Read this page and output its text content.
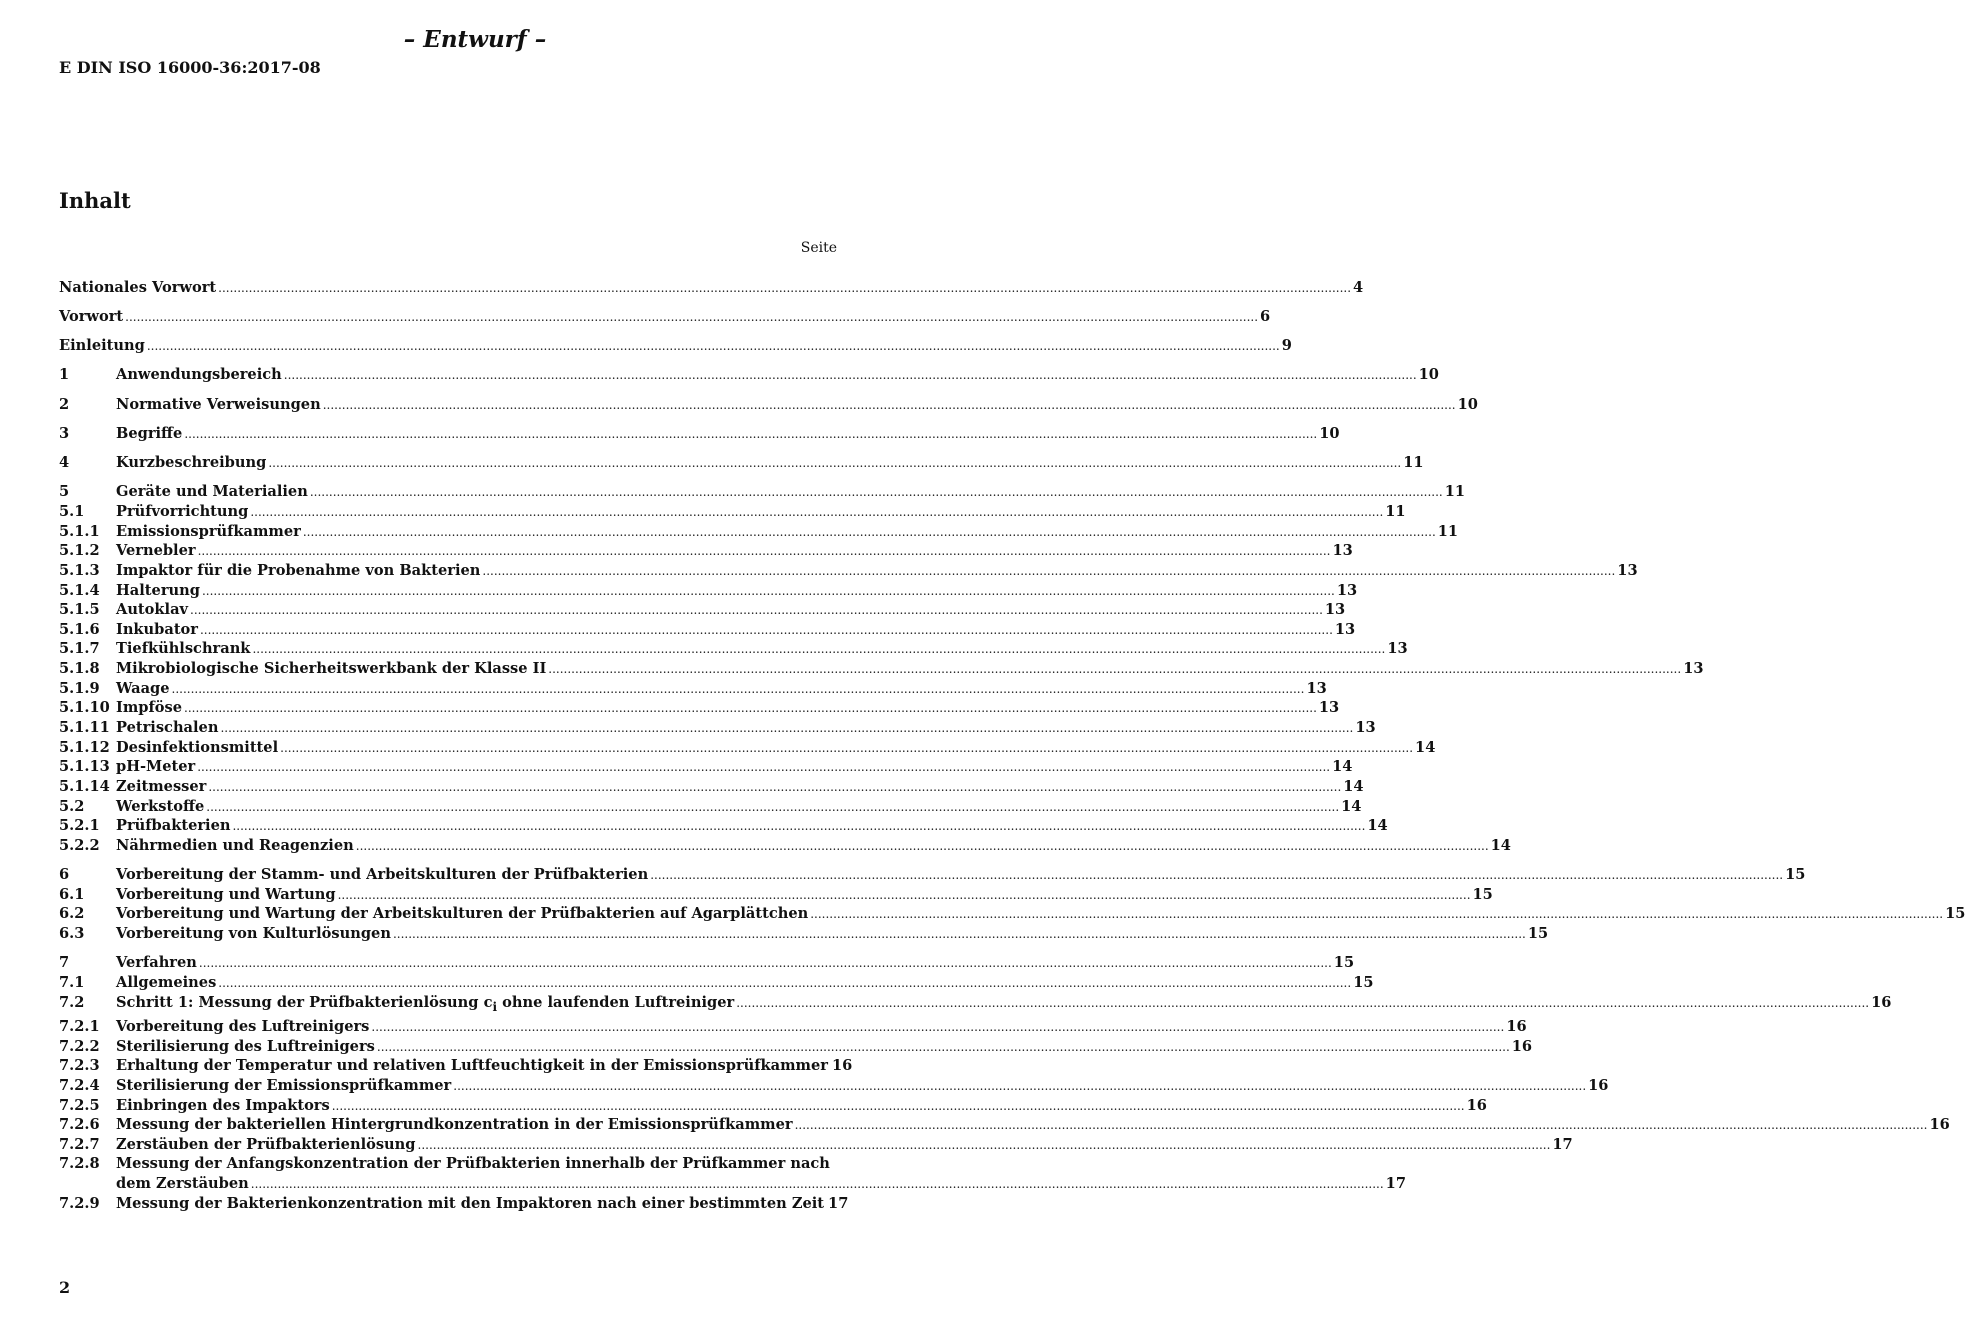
– Entwurf –
E DIN ISO 16000-36:2017-08
Inhalt
Seite
Nationales Vorwort .....	4
Vorwort .....	6
Einleitung .....	9
1	Anwendungsbereich .....	10
2	Normative Verweisungen .....	10
3	Begriffe .....	10
4	Kurzbeschreibung .....	11
5	Geräte und Materialien .....	11
5.1	Prüfvorrichtung .....	11
5.1.1	Emissionsprüfkammer .....	11
5.1.2	Vernebler .....	13
5.1.3	Impaktor für die Probenahme von Bakterien .....	13
5.1.4	Halterung .....	13
5.1.5	Autoklav .....	13
5.1.6	Inkubator .....	13
5.1.7	Tiefkühlschrank .....	13
5.1.8	Mikrobiologische Sicherheitswerkbank der Klasse II .....	13
5.1.9	Waage .....	13
5.1.10 Impföse .....	13
5.1.11 Petrischalen .....	13
5.1.12 Desinfektionsmittel .....	14
5.1.13 pH-Meter .....	14
5.1.14 Zeitmesser .....	14
5.2	Werkstoffe .....	14
5.2.1	Prüfbakterien .....	14
5.2.2	Nährmedien und Reagenzien .....	14
6	Vorbereitung der Stamm- und Arbeitskulturen der Prüfbakterien .....	15
6.1	Vorbereitung und Wartung .....	15
6.2	Vorbereitung und Wartung der Arbeitskulturen der Prüfbakterien auf Agarplättchen .....	15
6.3	Vorbereitung von Kulturlösungen .....	15
7	Verfahren .....	15
7.1	Allgemeines .....	15
7.2	Schritt 1: Messung der Prüfbakterienlösung $c_i$ ohne laufenden Luftreiniger .....	16
7.2.1	Vorbereitung des Luftreinigers .....	16
7.2.2	Sterilisierung des Luftreinigers .....	16
7.2.3	Erhaltung der Temperatur und relativen Luftfeuchtigkeit in der Emissionsprüfkammer 16
7.2.4	Sterilisierung der Emissionsprüfkammer .....	16
7.2.5	Einbringen des Impaktors .....	16
7.2.6	Messung der bakteriellen Hintergrundkonzentration in der Emissionsprüfkammer .....	16
7.2.7	Zerstäuben der Prüfbakterienlösung .....	17
7.2.8	Messung der Anfangskonzentration der Prüfbakterien innerhalb der Prüfkammer nach
dem Zerstäuben .....	17
7.2.9	Messung der Bakterienkonzentration mit den Impaktoren nach einer bestimmten Zeit 17
2
